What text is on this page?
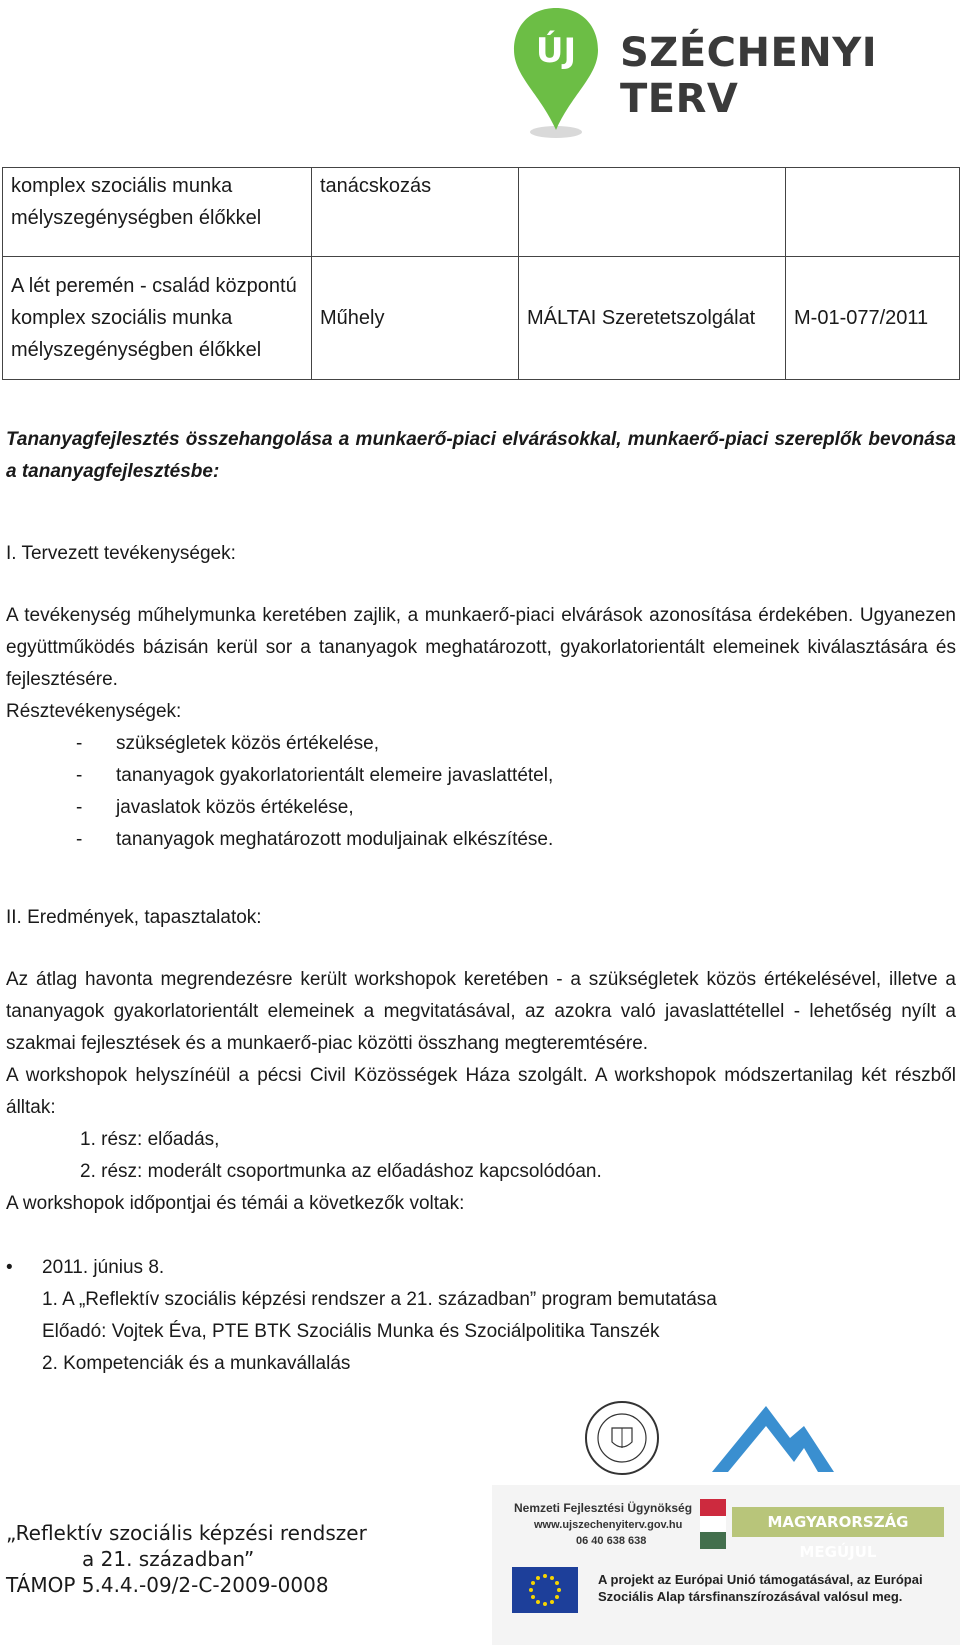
ÚJ SZÉCHENYI TERV
komplex szociális munka mélyszegénységben élőkkel	tanácskozás		
A lét peremén - család központú komplex szociális munka mélyszegénységben élőkkel	Műhely	MÁLTAI Szeretetszolgálat	M-01-077/2011
Tananyagfejlesztés összehangolása a munkaerő-piaci elvárásokkal, munkaerő-piaci szereplők bevonása a tananyagfejlesztésbe:
I. Tervezett tevékenységek:
A tevékenység műhelymunka keretében zajlik, a munkaerő-piaci elvárások azonosítása érdekében. Ugyanezen együttműködés bázisán kerül sor a tananyagok meghatározott, gyakorlatorientált elemeinek kiválasztására és fejlesztésére.
Résztevékenységek:
- szükségletek közös értékelése,
- tananyagok gyakorlatorientált elemeire javaslattétel,
- javaslatok közös értékelése,
- tananyagok meghatározott moduljainak elkészítése.
II. Eredmények, tapasztalatok:
Az átlag havonta megrendezésre került workshopok keretében - a szükségletek közös értékelésével, illetve a tananyagok gyakorlatorientált elemeinek a megvitatásával, az azokra való javaslattétellel - lehetőség nyílt a szakmai fejlesztések és a munkaerő-piac közötti összhang megteremtésére.
A workshopok helyszínéül a pécsi Civil Közösségek Háza szolgált. A workshopok módszertanilag két részből álltak:
1. rész: előadás,
2. rész: moderált csoportmunka az előadáshoz kapcsolódóan.
A workshopok időpontjai és témái a következők voltak:
• 2011. június 8.
1. A „Reflektív szociális képzési rendszer a 21. században” program bemutatása
Előadó: Vojtek Éva, PTE BTK Szociális Munka és Szociálpolitika Tanszék
2. Kompetenciák és a munkavállalás
„Reflektív szociális képzési rendszer
a 21. században”
TÁMOP 5.4.4.-09/2-C-2009-0008
Nemzeti Fejlesztési Ügynökség
www.ujszechenyiterv.gov.hu
06 40 638 638
MAGYARORSZÁG MEGÚJUL
A projekt az Európai Unió támogatásával, az Európai Szociális Alap társfinanszírozásával valósul meg.
